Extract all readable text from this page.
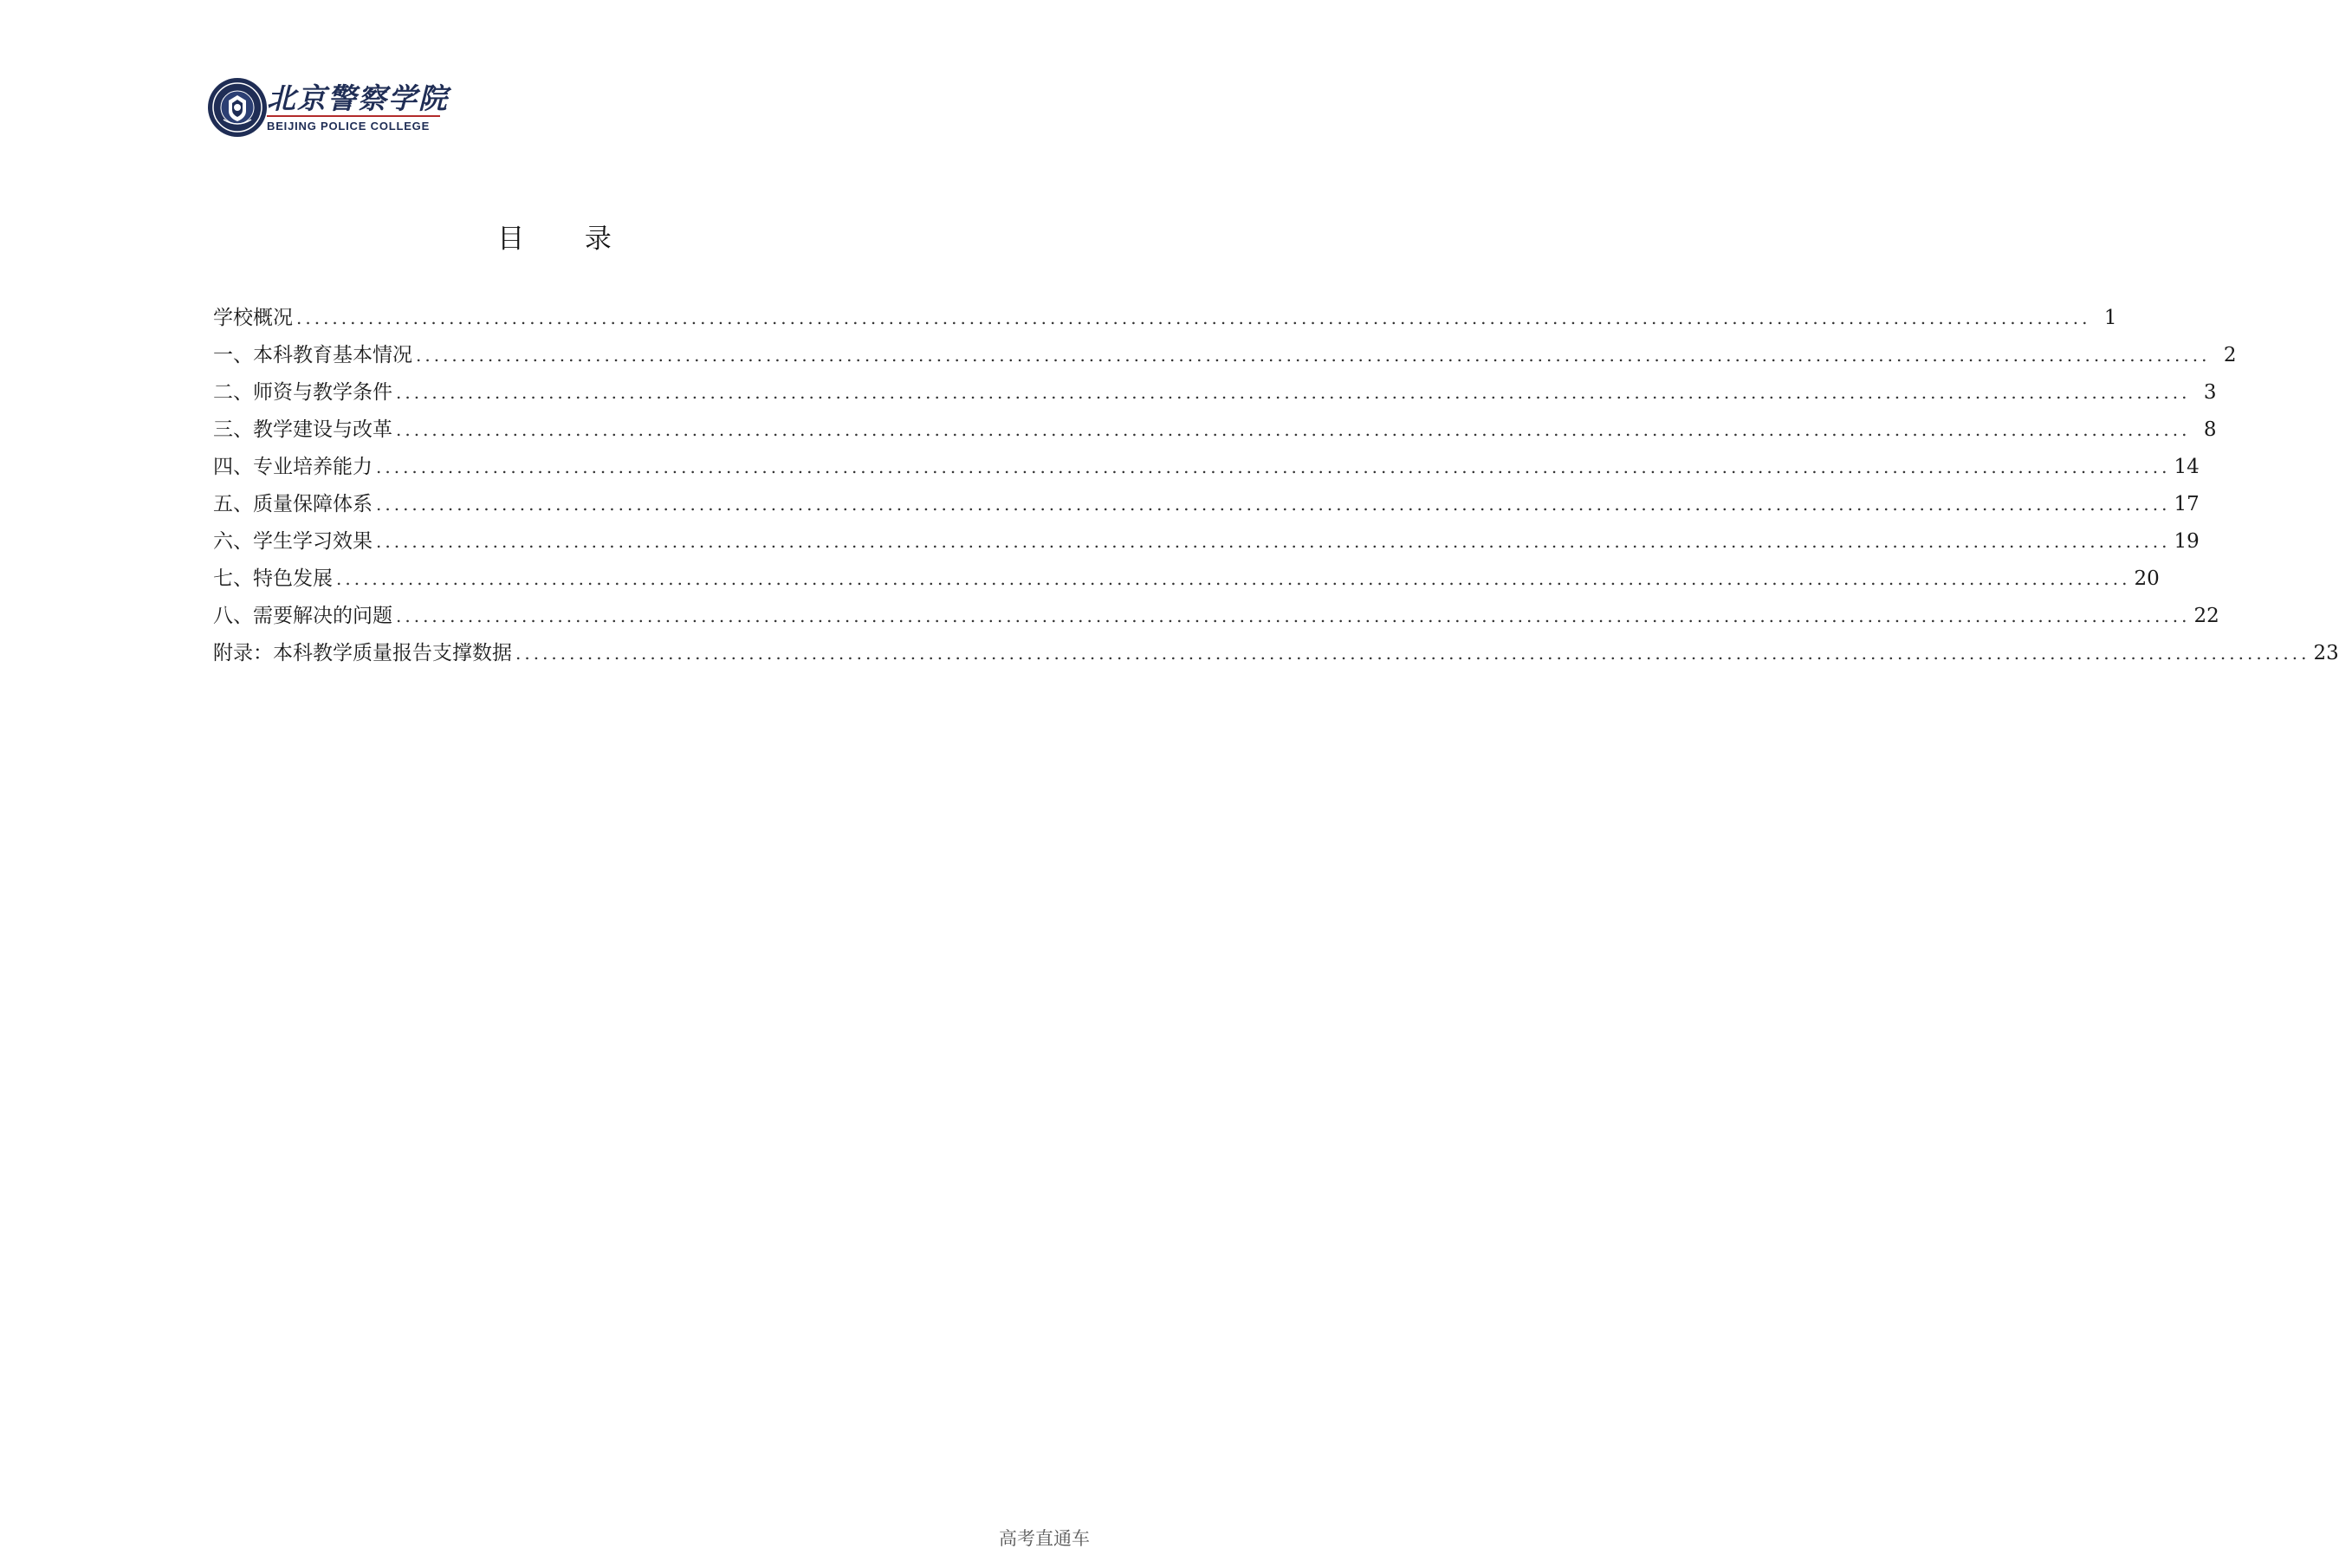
北京警察学院
BEIJING POLICE COLLEGE
目 录
学校概况 ........................................................................................................................................................................................................ 1
一、本科教育基本情况 ........................................................................................................................................................................................................ 2
二、师资与教学条件 ........................................................................................................................................................................................................ 3
三、教学建设与改革 ........................................................................................................................................................................................................ 8
四、专业培养能力 ........................................................................................................................................................................................................ 14
五、质量保障体系 ........................................................................................................................................................................................................ 17
六、学生学习效果 ........................................................................................................................................................................................................ 19
七、特色发展 ........................................................................................................................................................................................................ 20
八、需要解决的问题 ........................................................................................................................................................................................................ 22
附录：本科教学质量报告支撑数据 ........................................................................................................................................................................................................ 23
高考直通车
